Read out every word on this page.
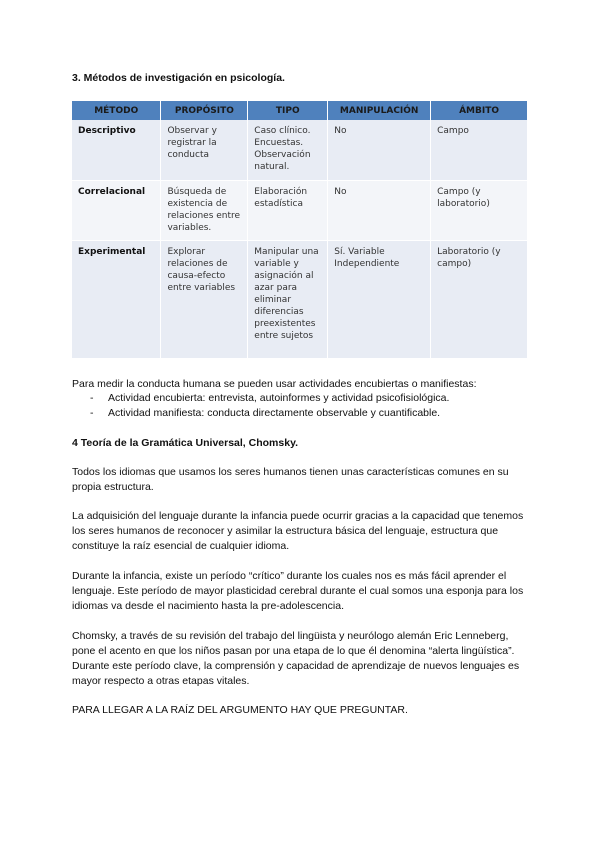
3. Métodos de investigación en psicología.

MÉTODO	PROPÓSITO	TIPO	MANIPULACIÓN	ÁMBITO
Descriptivo	Observar y registrar la conducta	Caso clínico. Encuestas. Observación natural.	No	Campo
Correlacional	Búsqueda de existencia de relaciones entre variables.	Elaboración estadística	No	Campo (y laboratorio)
Experimental	Explorar relaciones de causa-efecto entre variables	Manipular una variable y asignación al azar para eliminar diferencias preexistentes entre sujetos	Sí. Variable Independiente	Laboratorio (y campo)

Para medir la conducta humana se pueden usar actividades encubiertas o manifiestas:

- Actividad encubierta: entrevista, autoinformes y actividad psicofisiológica.
- Actividad manifiesta: conducta directamente observable y cuantificable.

4 Teoría de la Gramática Universal, Chomsky.

Todos los idiomas que usamos los seres humanos tienen unas características comunes en su propia estructura.

La adquisición del lenguaje durante la infancia puede ocurrir gracias a la capacidad que tenemos los seres humanos de reconocer y asimilar la estructura básica del lenguaje, estructura que constituye la raíz esencial de cualquier idioma.

Durante la infancia, existe un período “crítico” durante los cuales nos es más fácil aprender el lenguaje. Este período de mayor plasticidad cerebral durante el cual somos una esponja para los idiomas va desde el nacimiento hasta la pre-adolescencia.

Chomsky, a través de su revisión del trabajo del lingüista y neurólogo alemán Eric Lenneberg, pone el acento en que los niños pasan por una etapa de lo que él denomina “alerta lingüística”. Durante este período clave, la comprensión y capacidad de aprendizaje de nuevos lenguajes es mayor respecto a otras etapas vitales.

PARA LLEGAR A LA RAÍZ DEL ARGUMENTO HAY QUE PREGUNTAR.
